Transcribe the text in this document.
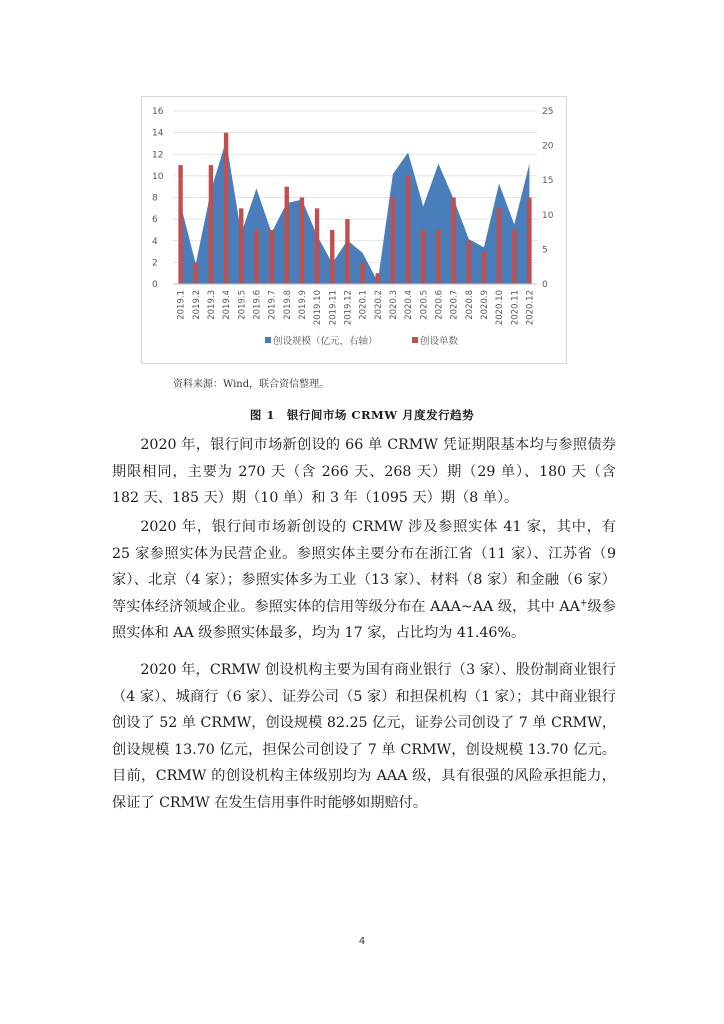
0
2
4
6
8
10
12
14
16
0
5
10
15
20
25
2019.1 2019.2 2019.3 2019.4 2019.5 2019.6 2019.7 2019.8 2019.9 2019.10 2019.11 2019.12 2020.1 2020.2 2020.3 2020.4 2020.5 2020.6 2020.7 2020.8 2020.9 2020.10 2020.11 2020.12
创设规模（亿元，右轴）	创设单数
资料来源：Wind，联合资信整理。
图 1　银行间市场 CRMW 月度发行趋势

2020 年，银行间市场新创设的 66 单 CRMW 凭证期限基本均与参照债券期限相同，主要为 270 天（含 266 天、268 天）期（29 单）、180 天（含 182 天、185 天）期（10 单）和 3 年（1095 天）期（8 单）。

2020 年，银行间市场新创设的 CRMW 涉及参照实体 41 家，其中，有 25 家参照实体为民营企业。参照实体主要分布在浙江省（11 家）、江苏省（9 家）、北京（4 家）；参照实体多为工业（13 家）、材料（8 家）和金融（6 家）等实体经济领域企业。参照实体的信用等级分布在 AAA~AA 级，其中 AA+级参照实体和 AA 级参照实体最多，均为 17 家，占比均为 41.46%。

2020 年，CRMW 创设机构主要为国有商业银行（3 家）、股份制商业银行（4 家）、城商行（6 家）、证券公司（5 家）和担保机构（1 家）；其中商业银行创设了 52 单 CRMW，创设规模 82.25 亿元，证券公司创设了 7 单 CRMW，创设规模 13.70 亿元，担保公司创设了 7 单 CRMW，创设规模 13.70 亿元。目前，CRMW 的创设机构主体级别均为 AAA 级，具有很强的风险承担能力，保证了 CRMW 在发生信用事件时能够如期赔付。

4
